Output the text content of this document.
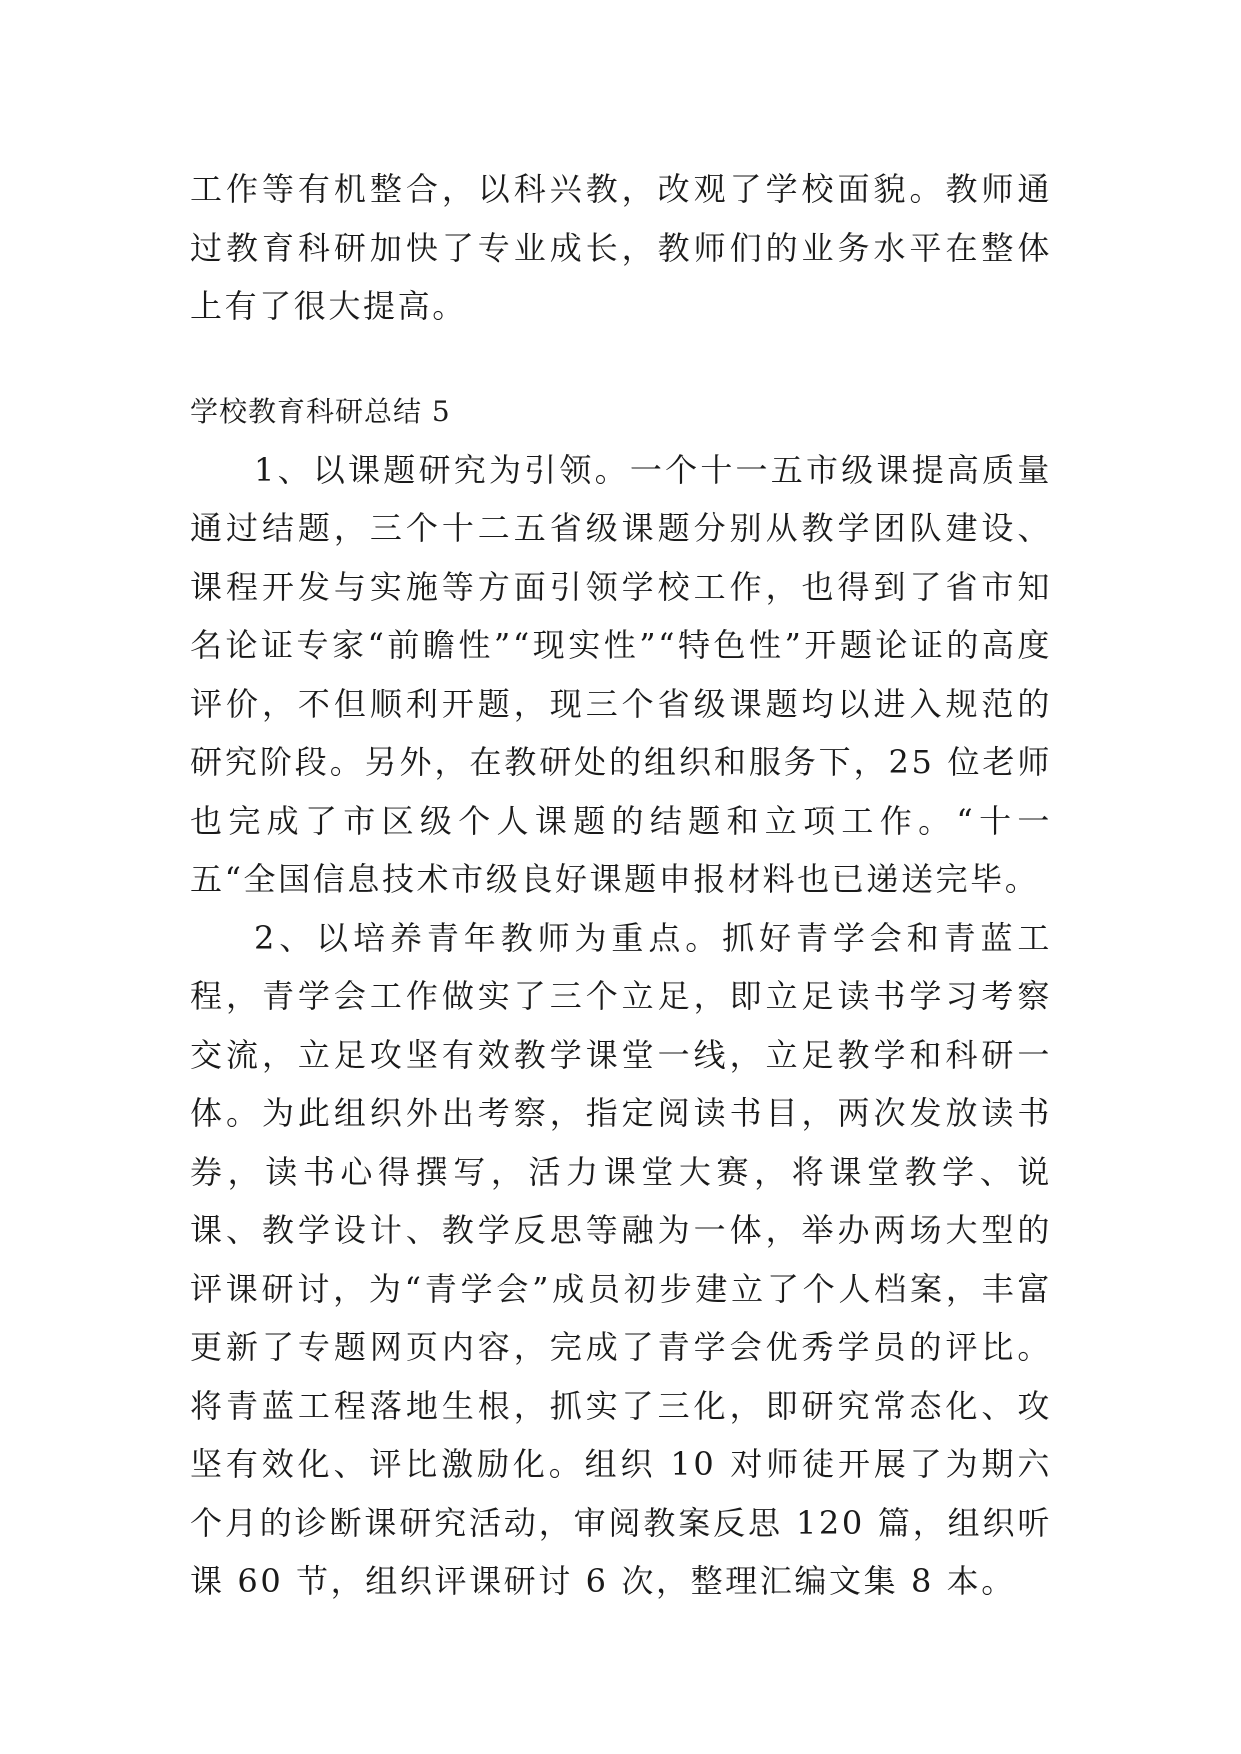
工作等有机整合，以科兴教，改观了学校面貌。教师通过教育科研加快了专业成长，教师们的业务水平在整体上有了很大提高。

学校教育科研总结 5

1、以课题研究为引领。一个十一五市级课提高质量通过结题，三个十二五省级课题分别从教学团队建设、课程开发与实施等方面引领学校工作，也得到了省市知名论证专家“前瞻性”“现实性”“特色性”开题论证的高度评价，不但顺利开题，现三个省级课题均以进入规范的研究阶段。另外，在教研处的组织和服务下，25 位老师也完成了市区级个人课题的结题和立项工作。“十一五“全国信息技术市级良好课题申报材料也已递送完毕。

2、以培养青年教师为重点。抓好青学会和青蓝工程，青学会工作做实了三个立足，即立足读书学习考察交流，立足攻坚有效教学课堂一线，立足教学和科研一体。为此组织外出考察，指定阅读书目，两次发放读书券，读书心得撰写，活力课堂大赛，将课堂教学、说课、教学设计、教学反思等融为一体，举办两场大型的评课研讨，为“青学会”成员初步建立了个人档案，丰富更新了专题网页内容，完成了青学会优秀学员的评比。将青蓝工程落地生根，抓实了三化，即研究常态化、攻坚有效化、评比激励化。组织 10 对师徒开展了为期六个月的诊断课研究活动，审阅教案反思 120 篇，组织听课 60 节，组织评课研讨 6 次，整理汇编文集 8 本。
